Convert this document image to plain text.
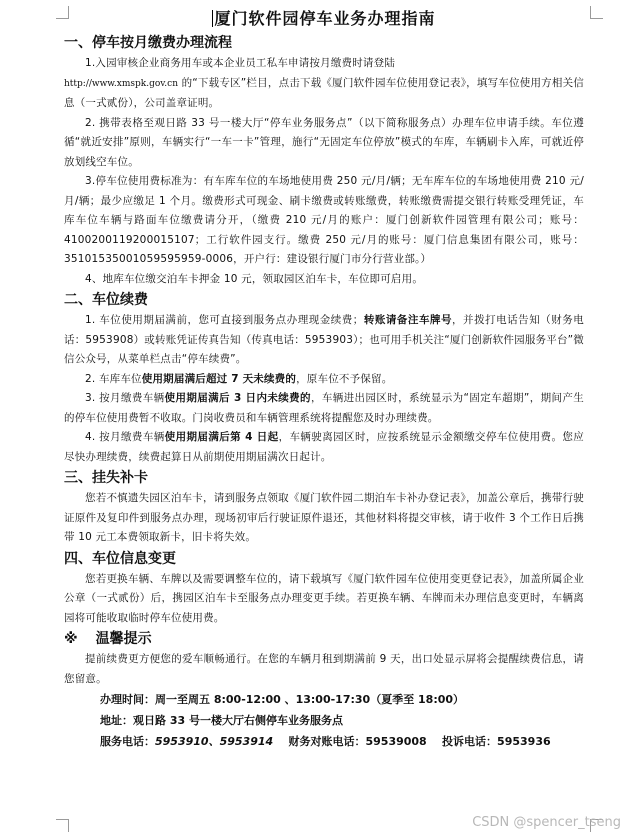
厦门软件园停车业务办理指南
一、停车按月缴费办理流程

1.入园审核企业商务用车或本企业员工私车申请按月缴费时请登陆
http://www.xmspk.gov.cn 的“下载专区”栏目，点击下载《厦门软件园车位使用登记表》，填写车位使用方相关信息（一式贰份），公司盖章证明。

2. 携带表格至观日路 33 号一楼大厅“停车业务服务点”（以下简称服务点）办理车位申请手续。车位遵循“就近安排”原则，车辆实行“一车一卡”管理，施行“无固定车位停放”模式的车库，车辆刷卡入库，可就近停放划线空车位。

3.停车位使用费标准为：有车库车位的车场地使用费 250 元/月/辆；无车库车位的车场地使用费 210 元/月/辆；最少应缴足 1 个月。缴费形式可现金、刷卡缴费或转账缴费，转账缴费需提交银行转账受理凭证，车库车位车辆与路面车位缴费请分开，（缴费 210 元/月的账户：厦门创新软件园管理有限公司；账号：4100200119200015107；工行软件园支行。缴费 250 元/月的账号：厦门信息集团有限公司，账号：35101535001059595959-0006，开户行：建设银行厦门市分行营业部。）

4、地库车位缴交泊车卡押金 10 元，领取园区泊车卡，车位即可启用。

二、车位续费

1. 车位使用期届满前，您可直接到服务点办理现金续费；转账请备注车牌号，并拨打电话告知（财务电话：5953908）或转账凭证传真告知（传真电话：5953903）；也可用手机关注“厦门创新软件园服务平台”微信公众号，从菜单栏点击“停车续费”。

2. 车库车位使用期届满后超过 7 天未续费的，原车位不予保留。

3. 按月缴费车辆使用期届满后 3 日内未续费的，车辆进出园区时，系统显示为“固定车超期”，期间产生的停车位使用费暂不收取。门岗收费员和车辆管理系统将提醒您及时办理续费。

4. 按月缴费车辆使用期届满后第 4 日起，车辆驶离园区时，应按系统显示金额缴交停车位使用费。您应尽快办理续费，续费起算日从前期使用期届满次日起计。

三、挂失补卡

您若不慎遗失园区泊车卡，请到服务点领取《厦门软件园二期泊车卡补办登记表》，加盖公章后，携带行驶证原件及复印件到服务点办理，现场初审后行驶证原件退还，其他材料将提交审核，请于收件 3 个工作日后携带 10 元工本费领取新卡，旧卡将失效。

四、车位信息变更

您若更换车辆、车牌以及需要调整车位的，请下载填写《厦门软件园车位使用变更登记表》，加盖所属企业公章（一式贰份）后，携园区泊车卡至服务点办理变更手续。若更换车辆、车牌而未办理信息变更时，车辆离园将可能收取临时停车位使用费。

※ 温馨提示

提前续费更方便您的爱车顺畅通行。在您的车辆月租到期满前 9 天，出口处显示屏将会提醒续费信息，请您留意。

办理时间：周一至周五 8:00-12:00 、13:00-17:30（夏季至 18:00）
地址：观日路 33 号一楼大厅右侧停车业务服务点
服务电话：5953910、5953914 财务对账电话：59539008 投诉电话：5953936
CSDN @spencer_tseng
